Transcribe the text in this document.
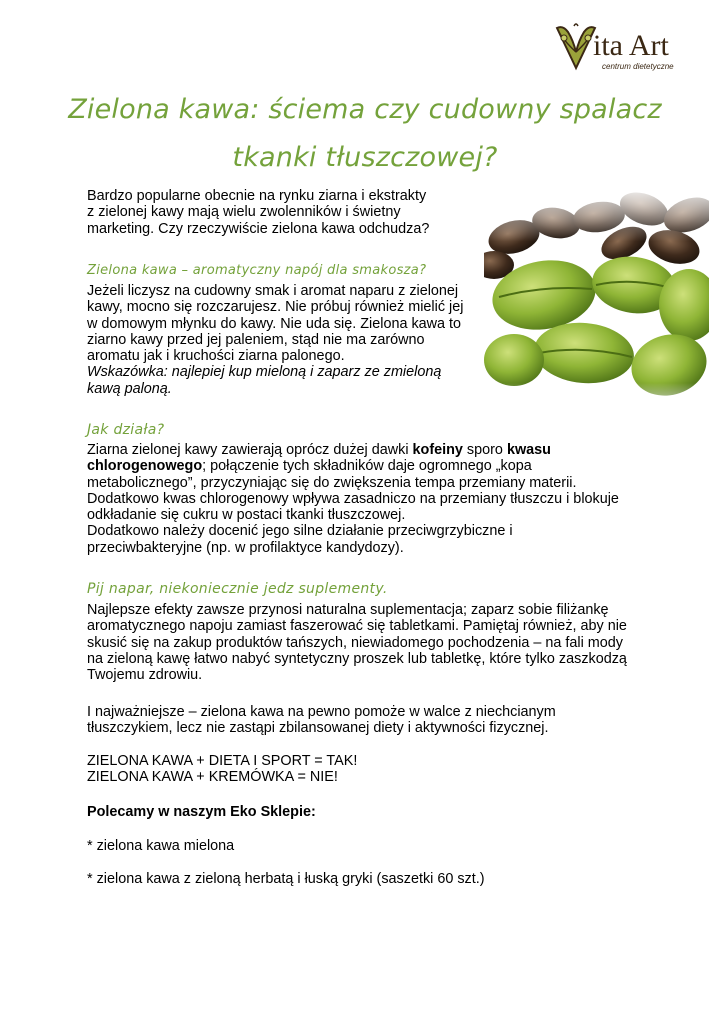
ita Art
centrum dietetyczne
Zielona kawa: ściema czy cudowny spalacz
tkanki tłuszczowej?
Bardzo popularne obecnie na rynku ziarna i ekstrakty
z zielonej kawy mają wielu zwolenników i świetny
marketing. Czy rzeczywiście zielona kawa odchudza?
Zielona kawa – aromatyczny napój dla smakosza?
Jeżeli liczysz na cudowny smak i aromat naparu z zielonej
kawy, mocno się rozczarujesz. Nie próbuj również mielić jej
w domowym młynku do kawy. Nie uda się. Zielona kawa to
ziarno kawy przed jej paleniem, stąd nie ma zarówno
aromatu jak i kruchości ziarna palonego.
Wskazówka: najlepiej kup mieloną i zaparz ze zmieloną
kawą paloną.
Jak działa?
Ziarna zielonej kawy zawierają oprócz dużej dawki kofeiny sporo kwasu
chlorogenowego; połączenie tych składników daje ogromnego „kopa
metabolicznego”, przyczyniając się do zwiększenia tempa przemiany materii.
Dodatkowo kwas chlorogenowy wpływa zasadniczo na przemiany tłuszczu i blokuje
odkładanie się cukru w postaci tkanki tłuszczowej.
Dodatkowo należy docenić jego silne działanie przeciwgrzybiczne i
przeciwbakteryjne (np. w profilaktyce kandydozy).
Pij napar, niekoniecznie jedz suplementy.
Najlepsze efekty zawsze przynosi naturalna suplementacja; zaparz sobie filiżankę
aromatycznego napoju zamiast faszerować się tabletkami. Pamiętaj również, aby nie
skusić się na zakup produktów tańszych, niewiadomego pochodzenia – na fali mody
na zieloną kawę łatwo nabyć syntetyczny proszek lub tabletkę, które tylko zaszkodzą
Twojemu zdrowiu.
I najważniejsze – zielona kawa na pewno pomoże w walce z niechcianym
tłuszczykiem, lecz nie zastąpi zbilansowanej diety i aktywności fizycznej.
ZIELONA KAWA + DIETA I SPORT = TAK!
ZIELONA KAWA + KREMÓWKA = NIE!
Polecamy w naszym Eko Sklepie:
* zielona kawa mielona
* zielona kawa z zieloną herbatą i łuską gryki (saszetki 60 szt.)
